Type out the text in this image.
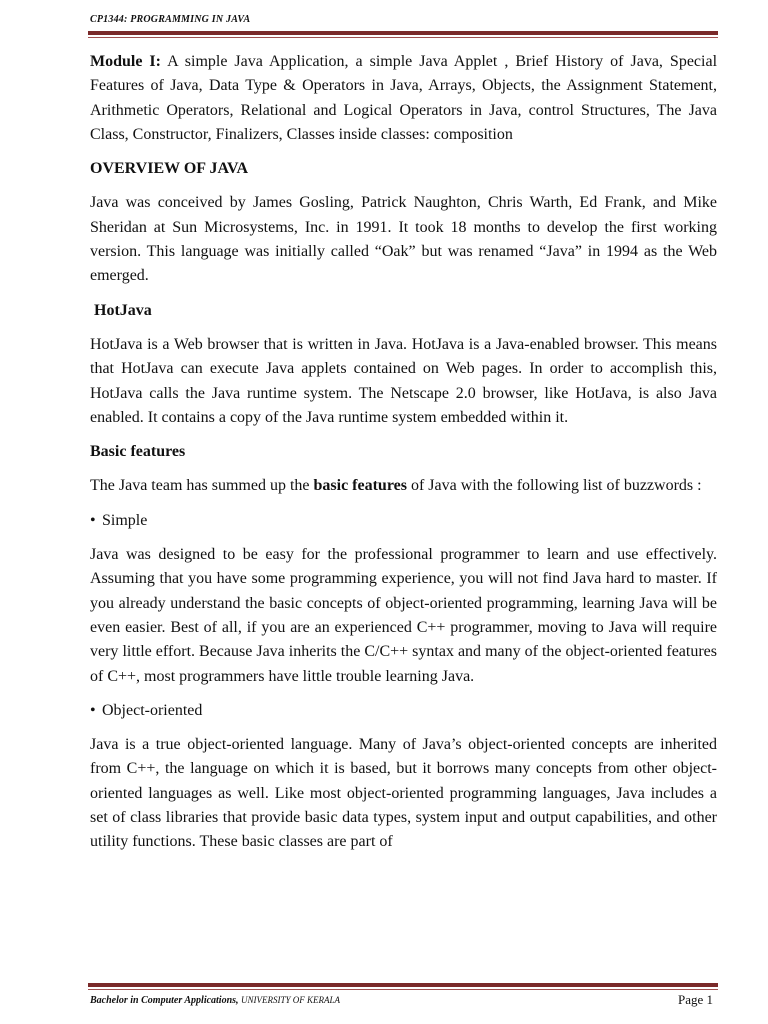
CP1344: PROGRAMMING IN JAVA

Module I: A simple Java Application, a simple Java Applet , Brief History of Java, Special Features of Java, Data Type & Operators in Java, Arrays, Objects, the Assignment Statement, Arithmetic Operators, Relational and Logical Operators in Java, control Structures, The Java Class, Constructor, Finalizers, Classes inside classes: composition

OVERVIEW OF JAVA

Java was conceived by James Gosling, Patrick Naughton, Chris Warth, Ed Frank, and Mike Sheridan at Sun Microsystems, Inc. in 1991. It took 18 months to develop the first working version. This language was initially called “Oak” but was renamed “Java” in 1994 as the Web emerged.

HotJava

HotJava is a Web browser that is written in Java. HotJava is a Java-enabled browser. This means that HotJava can execute Java applets contained on Web pages. In order to accomplish this, HotJava calls the Java runtime system. The Netscape 2.0 browser, like HotJava, is also Java enabled. It contains a copy of the Java runtime system embedded within it.

Basic features

The Java team has summed up the basic features of Java with the following list of buzzwords :

• Simple

Java was designed to be easy for the professional programmer to learn and use effectively. Assuming that you have some programming experience, you will not find Java hard to master. If you already understand the basic concepts of object-oriented programming, learning Java will be even easier. Best of all, if you are an experienced C++ programmer, moving to Java will require very little effort. Because Java inherits the C/C++ syntax and many of the object-oriented features of C++, most programmers have little trouble learning Java.

• Object-oriented

Java is a true object-oriented language. Many of Java’s object-oriented concepts are inherited from C++, the language on which it is based, but it borrows many concepts from other object-oriented languages as well. Like most object-oriented programming languages, Java includes a set of class libraries that provide basic data types, system input and output capabilities, and other utility functions. These basic classes are part of

Bachelor in Computer Applications, UNIVERSITY OF KERALA	Page 1
